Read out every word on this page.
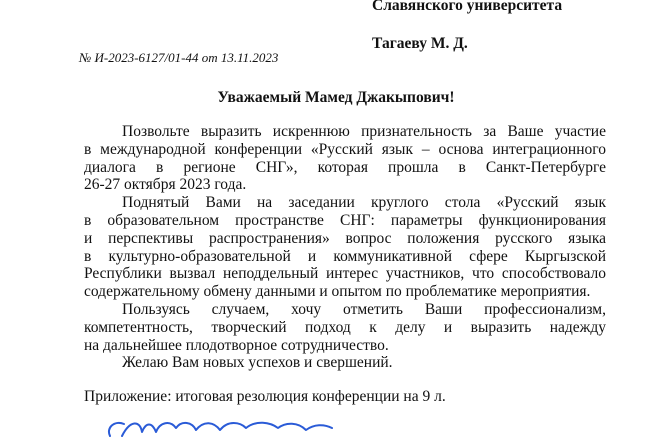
Славянского университета
Тагаеву М. Д.
№ И-2023-6127/01-44 от 13.11.2023
Уважаемый Мамед Джакыпович!
Позвольте выразить искреннюю признательность за Ваше участие
в международной конференции «Русский язык – основа интеграционного
диалога в регионе СНГ», которая прошла в Санкт-Петербурге
26-27 октября 2023 года.
Поднятый Вами на заседании круглого стола «Русский язык
в образовательном пространстве СНГ: параметры функционирования
и перспективы распространения» вопрос положения русского языка
в культурно-образовательной и коммуникативной сфере Кыргызской
Республики вызвал неподдельный интерес участников, что способствовало
содержательному обмену данными и опытом по проблематике мероприятия.
Пользуясь случаем, хочу отметить Ваши профессионализм,
компетентность, творческий подход к делу и выразить надежду
на дальнейшее плодотворное сотрудничество.
Желаю Вам новых успехов и свершений.
Приложение: итоговая резолюция конференции на 9 л.
